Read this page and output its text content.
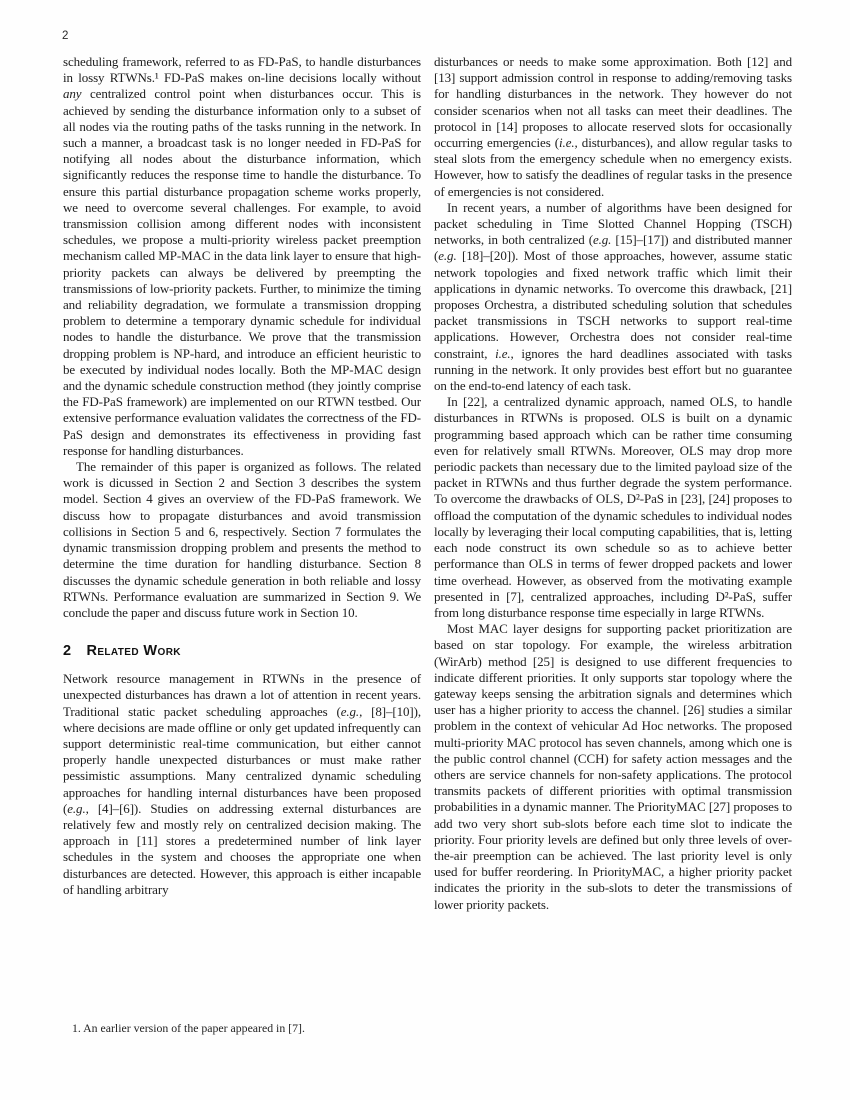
2

scheduling framework, referred to as FD-PaS, to handle disturbances in lossy RTWNs.¹ FD-PaS makes on-line decisions locally without any centralized control point when disturbances occur. This is achieved by sending the disturbance information only to a subset of all nodes via the routing paths of the tasks running in the network. In such a manner, a broadcast task is no longer needed in FD-PaS for notifying all nodes about the disturbance information, which significantly reduces the response time to handle the disturbance. To ensure this partial disturbance propagation scheme works properly, we need to overcome several challenges. For example, to avoid transmission collision among different nodes with inconsistent schedules, we propose a multi-priority wireless packet preemption mechanism called MP-MAC in the data link layer to ensure that high-priority packets can always be delivered by preempting the transmissions of low-priority packets. Further, to minimize the timing and reliability degradation, we formulate a transmission dropping problem to determine a temporary dynamic schedule for individual nodes to handle the disturbance. We prove that the transmission dropping problem is NP-hard, and introduce an efficient heuristic to be executed by individual nodes locally. Both the MP-MAC design and the dynamic schedule construction method (they jointly comprise the FD-PaS framework) are implemented on our RTWN testbed. Our extensive performance evaluation validates the correctness of the FD-PaS design and demonstrates its effectiveness in providing fast response for handling disturbances.

The remainder of this paper is organized as follows. The related work is dicussed in Section 2 and Section 3 describes the system model. Section 4 gives an overview of the FD-PaS framework. We discuss how to propagate disturbances and avoid transmission collisions in Section 5 and 6, respectively. Section 7 formulates the dynamic transmission dropping problem and presents the method to determine the time duration for handling disturbance. Section 8 discusses the dynamic schedule generation in both reliable and lossy RTWNs. Performance evaluation are summarized in Section 9. We conclude the paper and discuss future work in Section 10.

2 Related Work

Network resource management in RTWNs in the presence of unexpected disturbances has drawn a lot of attention in recent years. Traditional static packet scheduling approaches (e.g., [8]–[10]), where decisions are made offline or only get updated infrequently can support deterministic real-time communication, but either cannot properly handle unexpected disturbances or must make rather pessimistic assumptions. Many centralized dynamic scheduling approaches for handling internal disturbances have been proposed (e.g., [4]–[6]). Studies on addressing external disturbances are relatively few and mostly rely on centralized decision making. The approach in [11] stores a predetermined number of link layer schedules in the system and chooses the appropriate one when disturbances are detected. However, this approach is either incapable of handling arbitrary

disturbances or needs to make some approximation. Both [12] and [13] support admission control in response to adding/removing tasks for handling disturbances in the network. They however do not consider scenarios when not all tasks can meet their deadlines. The protocol in [14] proposes to allocate reserved slots for occasionally occurring emergencies (i.e., disturbances), and allow regular tasks to steal slots from the emergency schedule when no emergency exists. However, how to satisfy the deadlines of regular tasks in the presence of emergencies is not considered.

In recent years, a number of algorithms have been designed for packet scheduling in Time Slotted Channel Hopping (TSCH) networks, in both centralized (e.g. [15]–[17]) and distributed manner (e.g. [18]–[20]). Most of those approaches, however, assume static network topologies and fixed network traffic which limit their applications in dynamic networks. To overcome this drawback, [21] proposes Orchestra, a distributed scheduling solution that schedules packet transmissions in TSCH networks to support real-time applications. However, Orchestra does not consider real-time constraint, i.e., ignores the hard deadlines associated with tasks running in the network. It only provides best effort but no guarantee on the end-to-end latency of each task.

In [22], a centralized dynamic approach, named OLS, to handle disturbances in RTWNs is proposed. OLS is built on a dynamic programming based approach which can be rather time consuming even for relatively small RTWNs. Moreover, OLS may drop more periodic packets than necessary due to the limited payload size of the packet in RTWNs and thus further degrade the system performance. To overcome the drawbacks of OLS, D²-PaS in [23], [24] proposes to offload the computation of the dynamic schedules to individual nodes locally by leveraging their local computing capabilities, that is, letting each node construct its own schedule so as to achieve better performance than OLS in terms of fewer dropped packets and lower time overhead. However, as observed from the motivating example presented in [7], centralized approaches, including D²-PaS, suffer from long disturbance response time especially in large RTWNs.

Most MAC layer designs for supporting packet prioritization are based on star topology. For example, the wireless arbitration (WirArb) method [25] is designed to use different frequencies to indicate different priorities. It only supports star topology where the gateway keeps sensing the arbitration signals and determines which user has a higher priority to access the channel. [26] studies a similar problem in the context of vehicular Ad Hoc networks. The proposed multi-priority MAC protocol has seven channels, among which one is the public control channel (CCH) for safety action messages and the others are service channels for non-safety applications. The protocol transmits packets of different priorities with optimal transmission probabilities in a dynamic manner. The PriorityMAC [27] proposes to add two very short sub-slots before each time slot to indicate the priority. Four priority levels are defined but only three levels of over-the-air preemption can be achieved. The last priority level is only used for buffer reordering. In PriorityMAC, a higher priority packet indicates the priority in the sub-slots to deter the transmissions of lower priority packets.

1. An earlier version of the paper appeared in [7].
